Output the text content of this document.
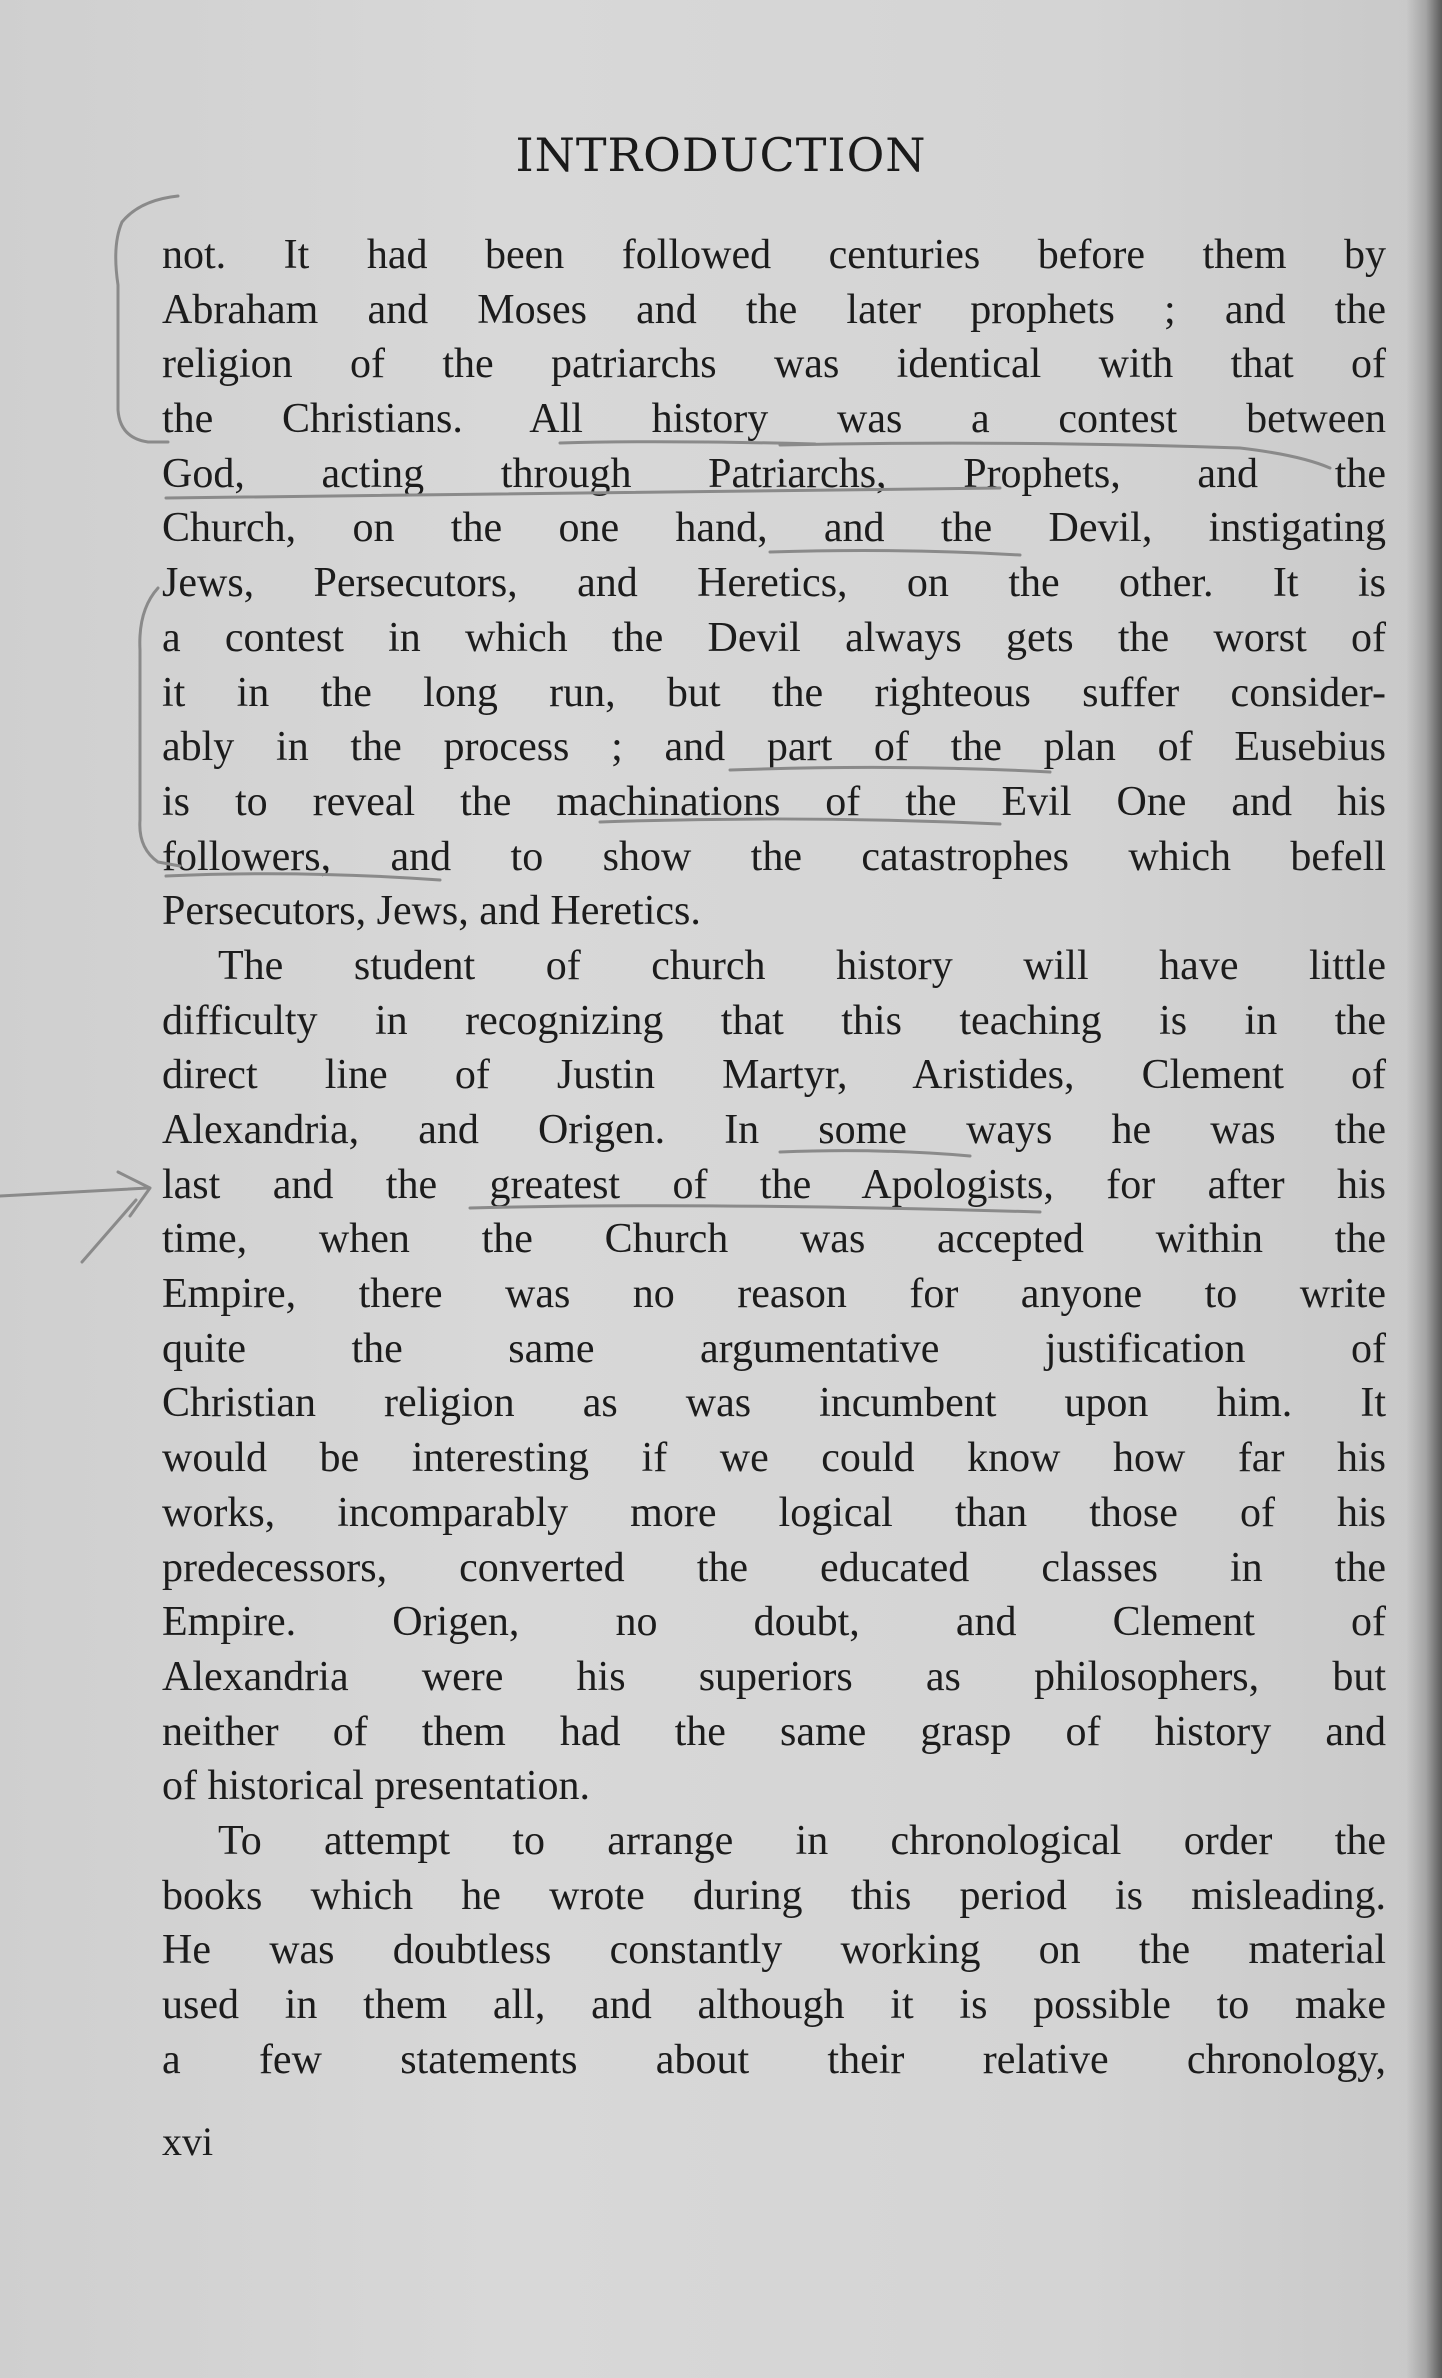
INTRODUCTION
not. It had been followed centuries before them by
Abraham and Moses and the later prophets ; and the
religion of the patriarchs was identical with that of
the Christians. All history was a contest between
God, acting through Patriarchs, Prophets, and the
Church, on the one hand, and the Devil, instigating
Jews, Persecutors, and Heretics, on the other. It is
a contest in which the Devil always gets the worst of
it in the long run, but the righteous suffer consider-
ably in the process ; and part of the plan of Eusebius
is to reveal the machinations of the Evil One and his
followers, and to show the catastrophes which befell
Persecutors, Jews, and Heretics.
The student of church history will have little
difficulty in recognizing that this teaching is in the
direct line of Justin Martyr, Aristides, Clement of
Alexandria, and Origen. In some ways he was the
last and the greatest of the Apologists, for after his
time, when the Church was accepted within the
Empire, there was no reason for anyone to write
quite the same argumentative justification of
Christian religion as was incumbent upon him. It
would be interesting if we could know how far his
works, incomparably more logical than those of his
predecessors, converted the educated classes in the
Empire. Origen, no doubt, and Clement of
Alexandria were his superiors as philosophers, but
neither of them had the same grasp of history and
of historical presentation.
To attempt to arrange in chronological order the
books which he wrote during this period is misleading.
He was doubtless constantly working on the material
used in them all, and although it is possible to make
a few statements about their relative chronology,

xvi
